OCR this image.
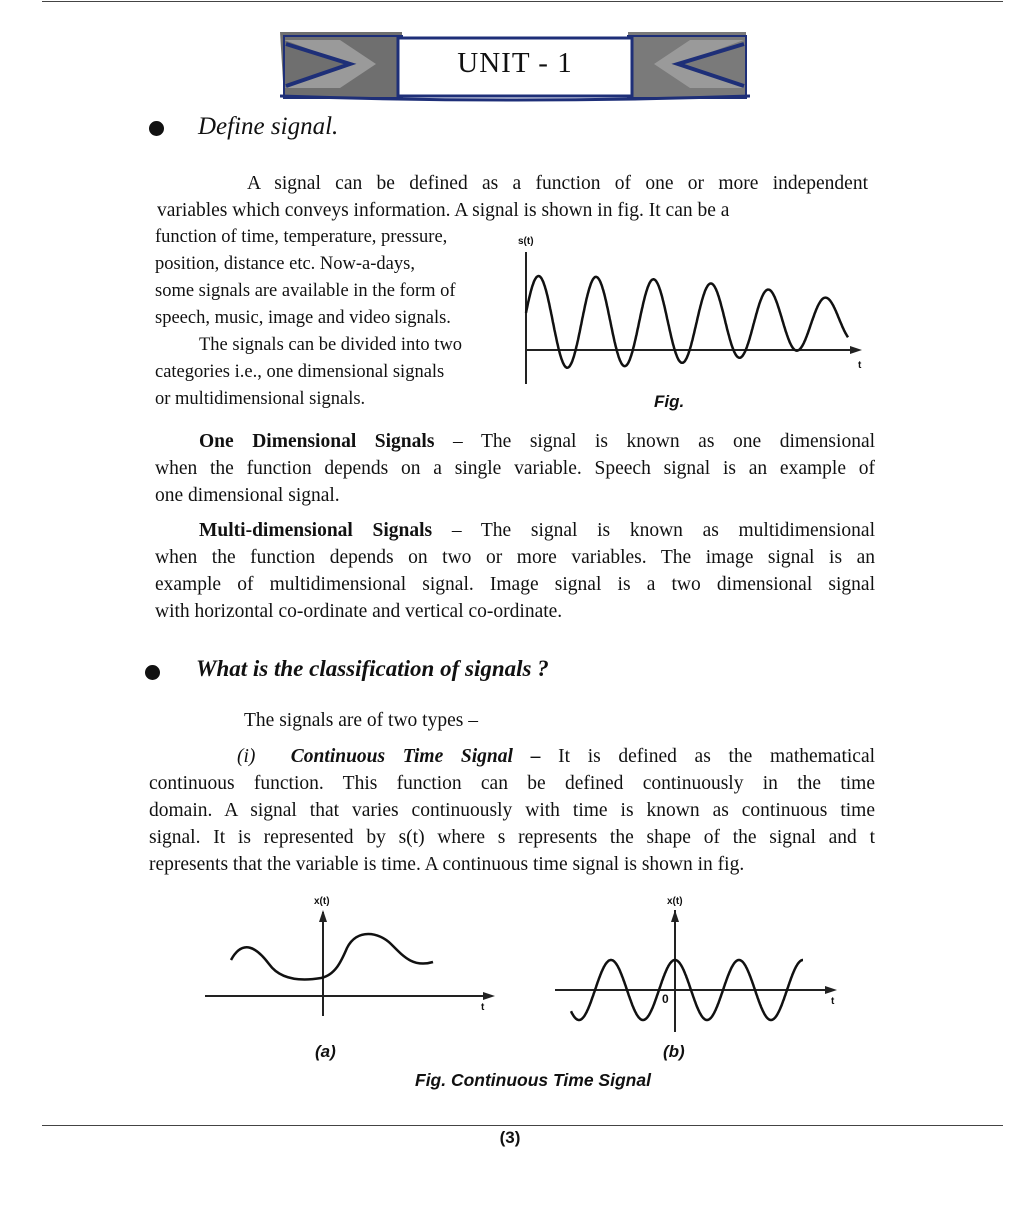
UNIT - 1
Define signal.
A signal can be defined as a function of one or more independent
variables which conveys information. A signal is shown in fig. It can be a
function of time, temperature, pressure,
position, distance etc. Now-a-days,
some signals are available in the form of
speech, music, image and video signals.
The signals can be divided into two
categories i.e., one dimensional signals
or multidimensional signals.
s(t)
t
Fig.
One Dimensional Signals – The signal is known as one dimensional
when the function depends on a single variable. Speech signal is an example of
one dimensional signal.
Multi-dimensional Signals – The signal is known as multidimensional
when the function depends on two or more variables. The image signal is an
example of multidimensional signal. Image signal is a two dimensional signal
with horizontal co-ordinate and vertical co-ordinate.
What is the classification of signals ?
The signals are of two types –
(i) Continuous Time Signal – It is defined as the mathematical
continuous function. This function can be defined continuously in the time
domain. A signal that varies continuously with time is known as continuous time
signal. It is represented by s(t) where s represents the shape of the signal and t
represents that the variable is time. A continuous time signal is shown in fig.
x(t)
t
x(t)
t
0
(a)	(b)
Fig. Continuous Time Signal
(3)
